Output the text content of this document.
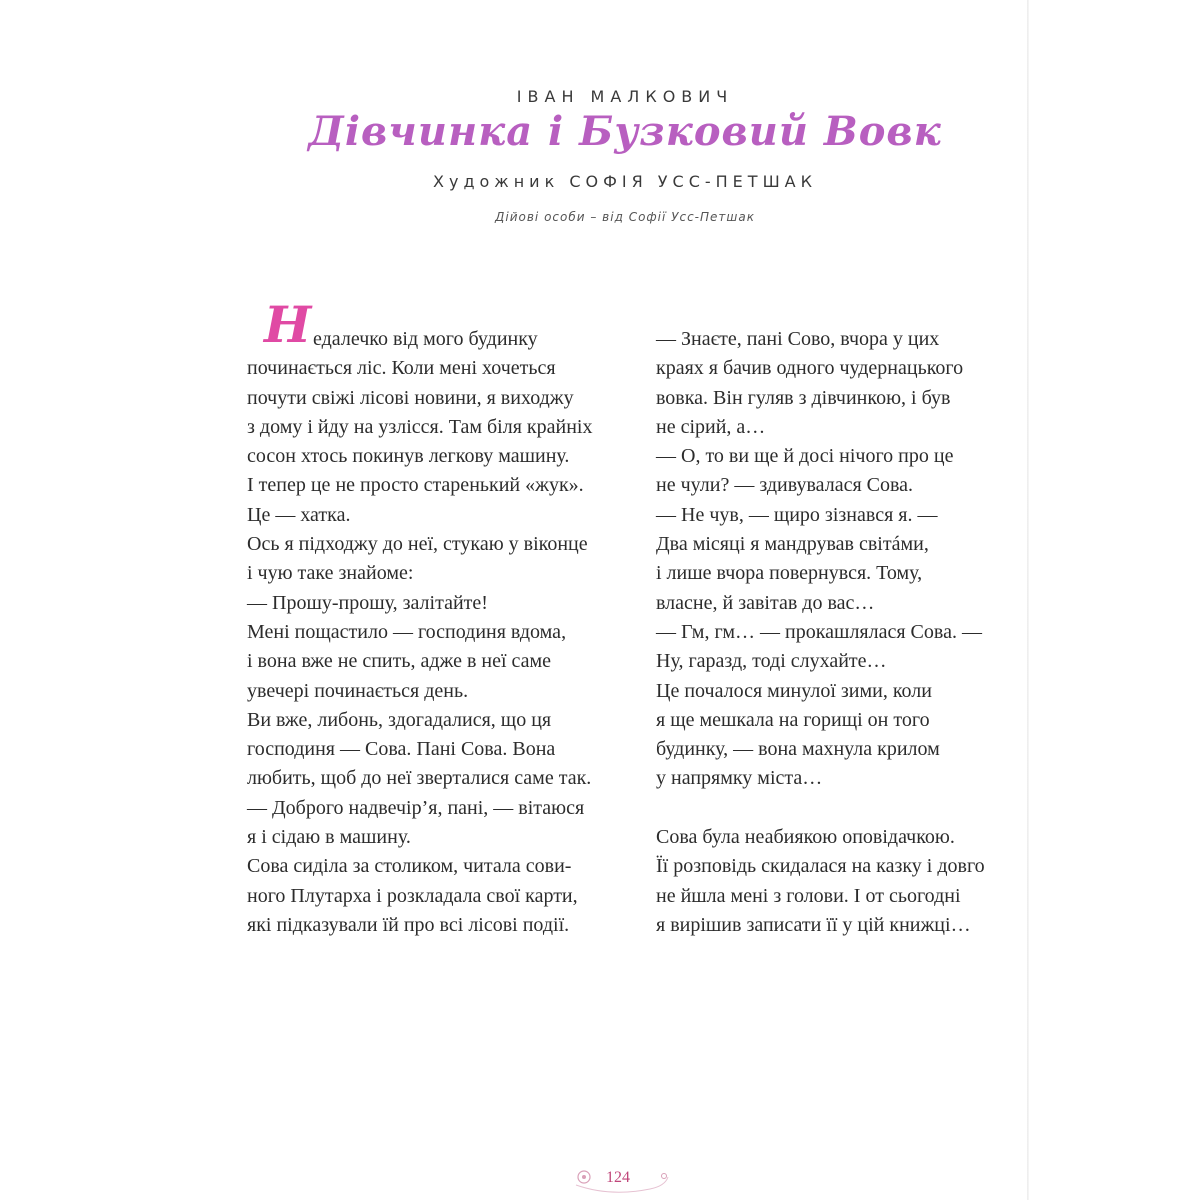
ІВАН МАЛКОВИЧ
Дівчинка і Бузковий Вовк
Художник СОФІЯ УСС-ПЕТШАК
Дійові особи – від Софії Усс-Петшак
Н едалечко від мого будинку
починається ліс. Коли мені хочеться
почути свіжі лісові новини, я виходжу
з дому і йду на узлісся. Там біля крайніх
сосон хтось покинув легкову машину.
І тепер це не просто старенький «жук».
Це — хатка.
Ось я підходжу до неї, стукаю у віконце
і чую таке знайоме:
— Прошу-прошу, залітайте!
Мені пощастило — господиня вдома,
і вона вже не спить, адже в неї саме
увечері починається день.
Ви вже, либонь, здогадалися, що ця
господиня — Сова. Пані Сова. Вона
любить, щоб до неї зверталися саме так.
— Доброго надвечір’я, пані, — вітаюся
я і сідаю в машину.
Сова сиділа за столиком, читала сови-
ного Плутарха і розкладала свої карти,
які підказували їй про всі лісові події.
— Знаєте, пані Сово, вчора у цих
краях я бачив одного чудернацького
вовка. Він гуляв з дівчинкою, і був
не сірий, а…
— О, то ви ще й досі нічого про це
не чули? — здивувалася Сова.
— Не чув, — щиро зізнався я. —
Два місяці я мандрував світáми,
і лише вчора повернувся. Тому,
власне, й завітав до вас…
— Гм, гм… — прокашлялася Сова. —
Ну, гаразд, тоді слухайте…
Це почалося минулої зими, коли
я ще мешкала на горищі он того
будинку, — вона махнула крилом
у напрямку міста…
Сова була неабиякою оповідачкою.
Її розповідь скидалася на казку і довго
не йшла мені з голови. І от сьогодні
я вирішив записати її у цій книжці…
124
